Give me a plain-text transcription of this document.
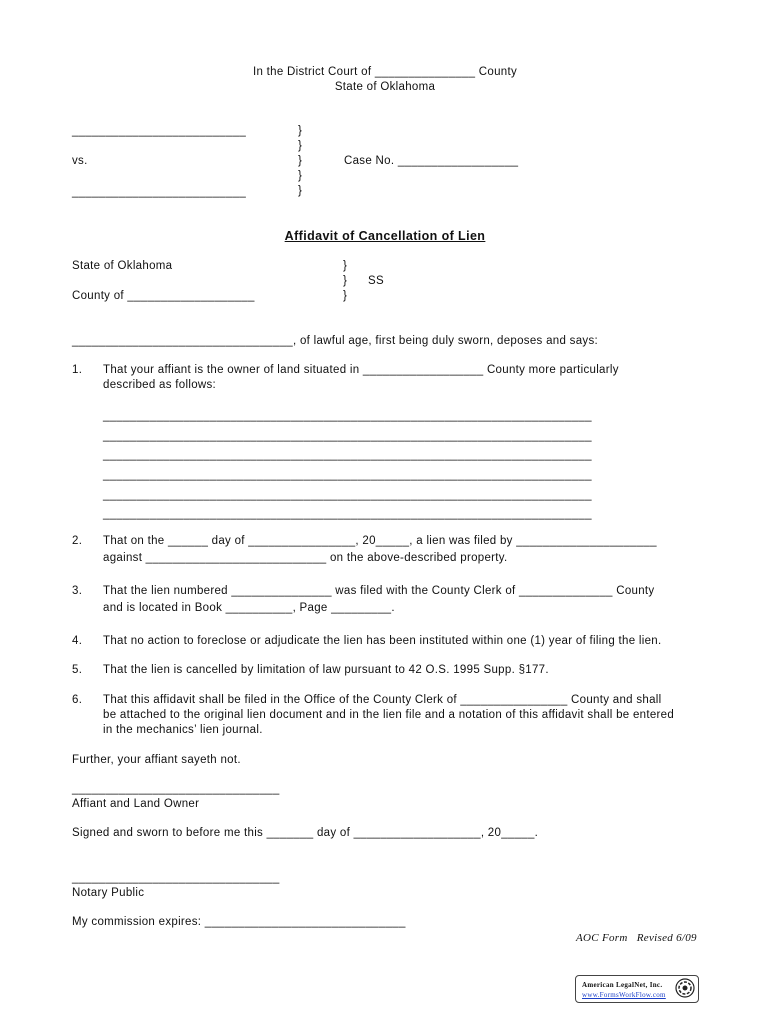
In the District Court of _______________ County
State of Oklahoma
__________________________
vs.
__________________________
}
}
}
}
}
Case No. __________________
Affidavit of Cancellation of Lien
State of Oklahoma
County of ___________________
}
}
}
SS
_________________________________, of lawful age, first being duly sworn, deposes and says:
1. That your affiant is the owner of land situated in __________________ County more particularly
described as follows:
_________________________________________________________________________
_________________________________________________________________________
_________________________________________________________________________
_________________________________________________________________________
_________________________________________________________________________
_________________________________________________________________________
2. That on the ______ day of ________________, 20_____, a lien was filed by _____________________
against ___________________________ on the above-described property.
3. That the lien numbered _______________ was filed with the County Clerk of ______________ County
and is located in Book __________, Page _________.
4. That no action to foreclose or adjudicate the lien has been instituted within one (1) year of filing the lien.
5. That the lien is cancelled by limitation of law pursuant to 42 O.S. 1995 Supp. §177.
6. That this affidavit shall be filed in the Office of the County Clerk of ________________ County and shall
be attached to the original lien document and in the lien file and a notation of this affidavit shall be entered
in the mechanics’ lien journal.
Further, your affiant sayeth not.
_______________________________
Affiant and Land Owner
Signed and sworn to before me this _______ day of ___________________, 20_____.
_______________________________
Notary Public
My commission expires: ______________________________
AOC Form   Revised 6/09
American LegalNet, Inc.
www.FormsWorkFlow.com
